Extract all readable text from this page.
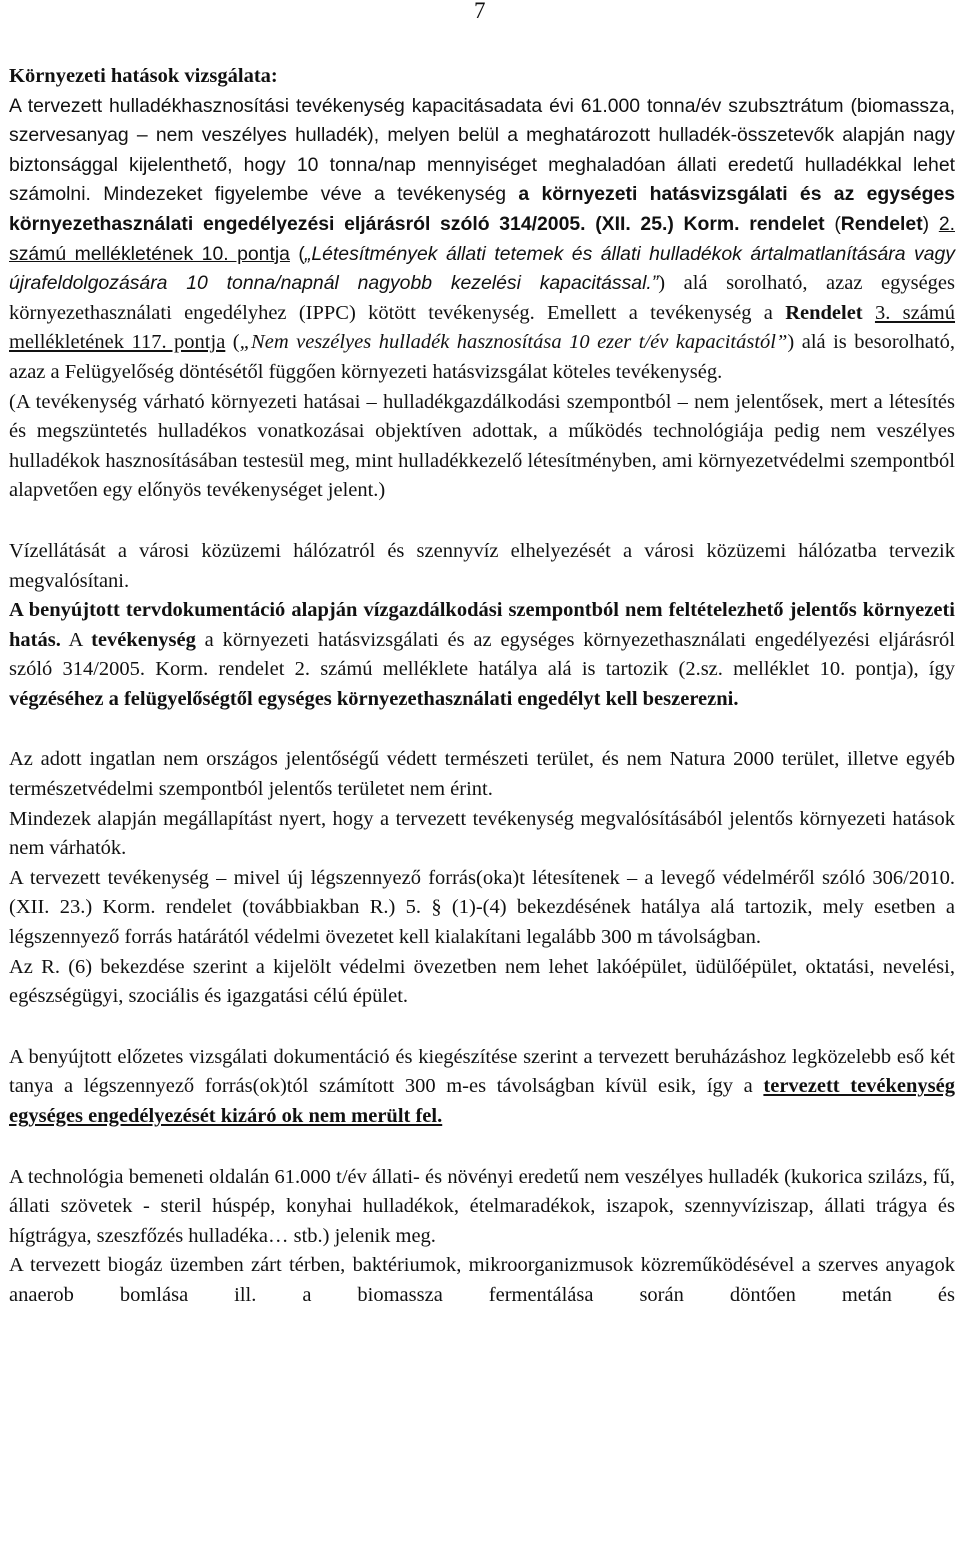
7

Környezeti hatások vizsgálata:

A tervezett hulladékhasznosítási tevékenység kapacitásadata évi 61.000 tonna/év szubsztrátum (biomassza, szervesanyag – nem veszélyes hulladék), melyen belül a meghatározott hulladék-összetevők alapján nagy biztonsággal kijelenthető, hogy 10 tonna/nap mennyiséget meghaladóan állati eredetű hulladékkal lehet számolni. Mindezeket figyelembe véve a tevékenység a környezeti hatásvizsgálati és az egységes környezethasználati engedélyezési eljárásról szóló 314/2005. (XII. 25.) Korm. rendelet (Rendelet) 2. számú mellékletének 10. pontja („Létesítmények állati tetemek és állati hulladékok ártalmatlanítására vagy újrafeldolgozására 10 tonna/napnál nagyobb kezelési kapacitással.”) alá sorolható, azaz egységes környezethasználati engedélyhez (IPPC) kötött tevékenység. Emellett a tevékenység a Rendelet 3. számú mellékletének 117. pontja („Nem veszélyes hulladék hasznosítása 10 ezer t/év kapacitástól”) alá is besorolható, azaz a Felügyelőség döntésétől függően környezeti hatásvizsgálat köteles tevékenység.

(A tevékenység várható környezeti hatásai – hulladékgazdálkodási szempontból – nem jelentősek, mert a létesítés és megszüntetés hulladékos vonatkozásai objektíven adottak, a működés technológiája pedig nem veszélyes hulladékok hasznosításában testesül meg, mint hulladékkezelő létesítményben, ami környezetvédelmi szempontból alapvetően egy előnyös tevékenységet jelent.)

Vízellátását a városi közüzemi hálózatról és szennyvíz elhelyezését a városi közüzemi hálózatba tervezik megvalósítani.

A benyújtott tervdokumentáció alapján vízgazdálkodási szempontból nem feltételezhető jelentős környezeti hatás. A tevékenység a környezeti hatásvizsgálati és az egységes környezethasználati engedélyezési eljárásról szóló 314/2005. Korm. rendelet 2. számú melléklete hatálya alá is tartozik (2.sz. melléklet 10. pontja), így végzéséhez a felügyelőségtől egységes környezethasználati engedélyt kell beszerezni.

Az adott ingatlan nem országos jelentőségű védett természeti terület, és nem Natura 2000 terület, illetve egyéb természetvédelmi szempontból jelentős területet nem érint.

Mindezek alapján megállapítást nyert, hogy a tervezett tevékenység megvalósításából jelentős környezeti hatások nem várhatók.

A tervezett tevékenység – mivel új légszennyező forrás(oka)t létesítenek – a levegő védelméről szóló 306/2010. (XII. 23.) Korm. rendelet (továbbiakban R.) 5. § (1)-(4) bekezdésének hatálya alá tartozik, mely esetben a légszennyező forrás határától védelmi övezetet kell kialakítani legalább 300 m távolságban.

Az R. (6) bekezdése szerint a kijelölt védelmi övezetben nem lehet lakóépület, üdülőépület, oktatási, nevelési, egészségügyi, szociális és igazgatási célú épület.

A benyújtott előzetes vizsgálati dokumentáció és kiegészítése szerint a tervezett beruházáshoz legközelebb eső két tanya a légszennyező forrás(ok)tól számított 300 m-es távolságban kívül esik, így a tervezett tevékenység egységes engedélyezését kizáró ok nem merült fel.

A technológia bemeneti oldalán 61.000 t/év állati- és növényi eredetű nem veszélyes hulladék (kukorica szilázs, fű, állati szövetek - steril húspép, konyhai hulladékok, ételmaradékok, iszapok, szennyvíziszap, állati trágya és hígtrágya, szeszfőzés hulladéka… stb.) jelenik meg.

A tervezett biogáz üzemben zárt térben, baktériumok, mikroorganizmusok közreműködésével a szerves anyagok anaerob bomlása ill. a biomassza fermentálása során döntően metán és
